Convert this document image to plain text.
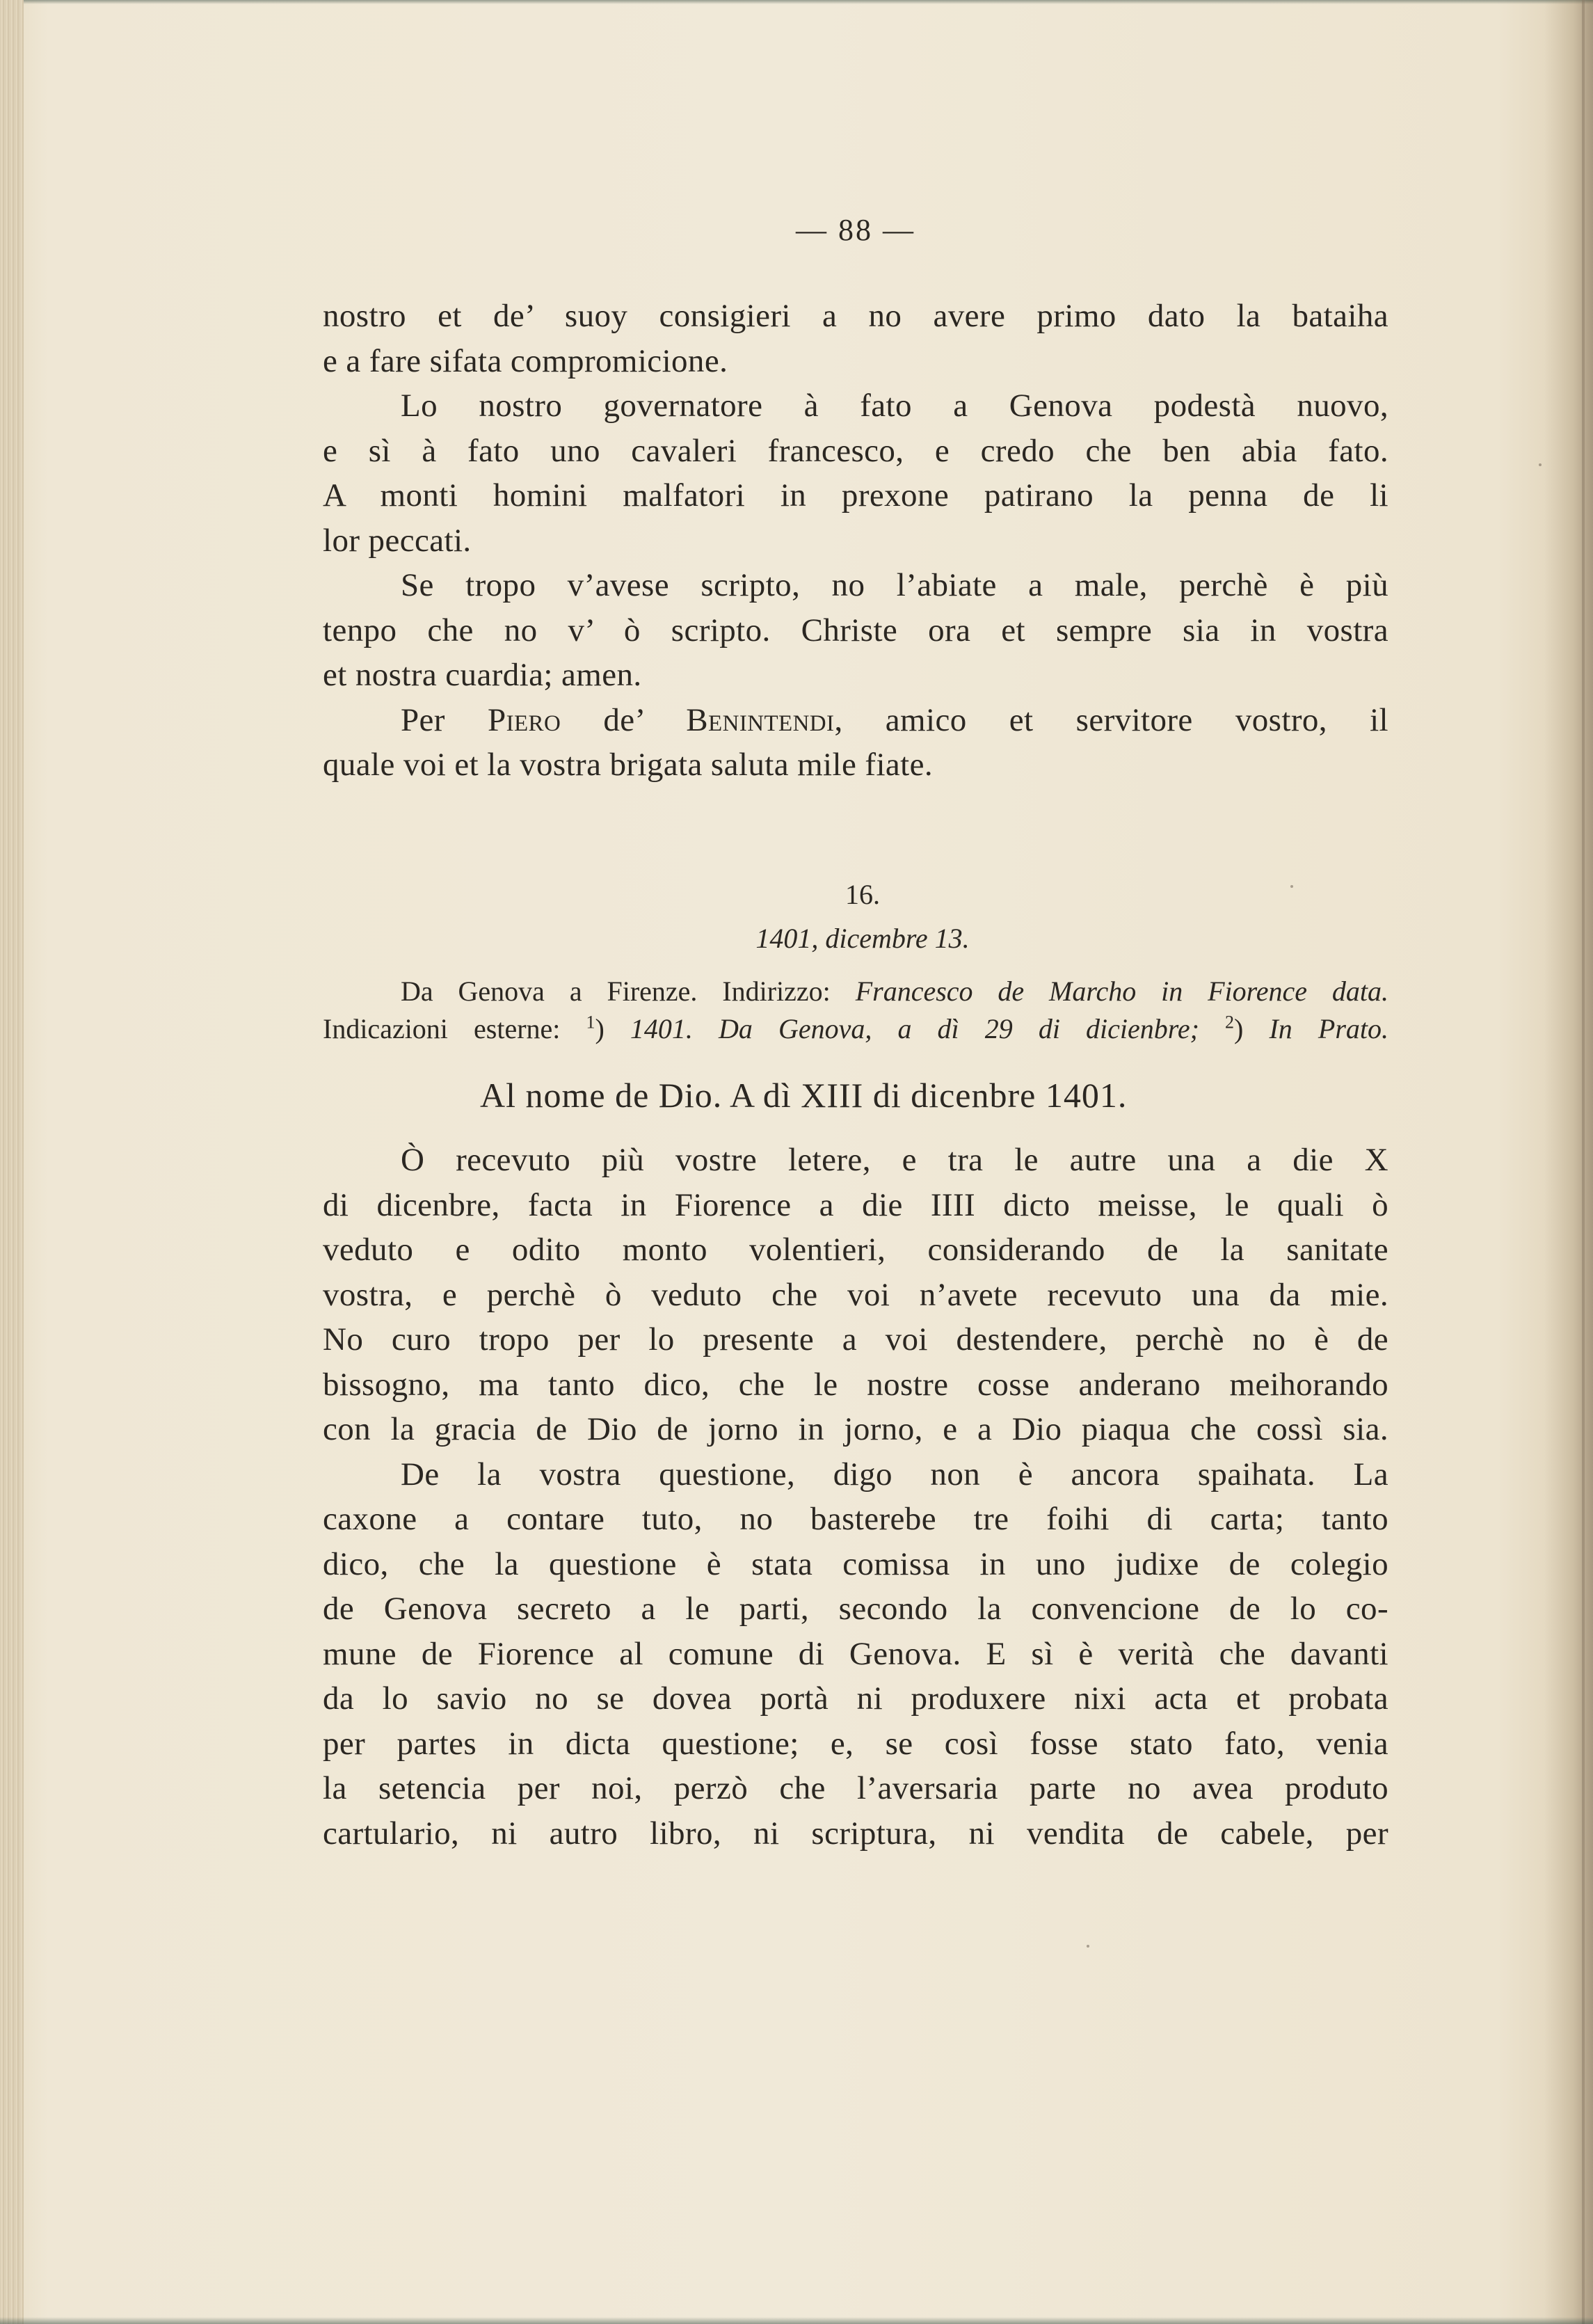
— 88 —
nostro et de’ suoy consigieri a no avere primo dato la bataiha
e a fare sifata compromicione.
Lo nostro governatore à fato a Genova podestà nuovo,
e sì à fato uno cavaleri francesco, e credo che ben abia fato.
A monti homini malfatori in prexone patirano la penna de li
lor peccati.
Se tropo v’avese scripto, no l’abiate a male, perchè è più
tenpo che no v’ ò scripto. Christe ora et sempre sia in vostra
et nostra cuardia; amen.
Per Piero de’ Benintendi, amico et servitore vostro, il
quale voi et la vostra brigata saluta mile fiate.
16.
1401, dicembre 13.
Da Genova a Firenze. Indirizzo: Francesco de Marcho in Fiorence data.
Indicazioni esterne: $^1$) 1401. Da Genova, a dì 29 di dicienbre; $^2$) In Prato.
Al nome de Dio. A dì XIII di dicenbre 1401.
Ò recevuto più vostre letere, e tra le autre una a die X
di dicenbre, facta in Fiorence a die IIII dicto meisse, le quali ò
veduto e odito monto volentieri, considerando de la sanitate
vostra, e perchè ò veduto che voi n’avete recevuto una da mie.
No curo tropo per lo presente a voi destendere, perchè no è de
bissogno, ma tanto dico, che le nostre cosse anderano meihorando
con la gracia de Dio de jorno in jorno, e a Dio piaqua che cossì sia.
De la vostra questione, digo non è ancora spaihata. La
caxone a contare tuto, no basterebe tre foihi di carta; tanto
dico, che la questione è stata comissa in uno judixe de colegio
de Genova secreto a le parti, secondo la convencione de lo co-
mune de Fiorence al comune di Genova. E sì è verità che davanti
da lo savio no se dovea portà ni produxere nixi acta et probata
per partes in dicta questione; e, se così fosse stato fato, venia
la setencia per noi, perzò che l’aversaria parte no avea produto
cartulario, ni autro libro, ni scriptura, ni vendita de cabele, per
